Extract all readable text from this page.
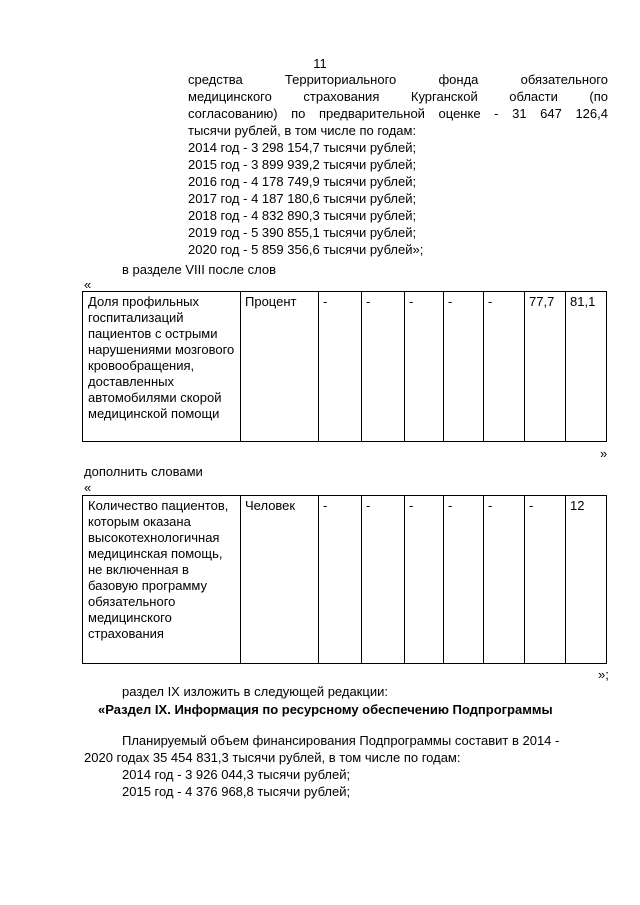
11
средства Территориального фонда обязательного
медицинского страхования Курганской области (по
согласованию) по предварительной оценке - 31 647 126,4
тысячи рублей, в том числе по годам:
2014 год - 3 298 154,7 тысячи рублей;
2015 год - 3 899 939,2 тысячи рублей;
2016 год - 4 178 749,9 тысячи рублей;
2017 год - 4 187 180,6 тысячи рублей;
2018 год - 4 832 890,3 тысячи рублей;
2019 год - 5 390 855,1 тысячи рублей;
2020 год - 5 859 356,6 тысячи рублей»;
в разделе VIII после слов
«
Доля профильных госпитализаций пациентов с острыми нарушениями мозгового кровообращения, доставленных автомобилями скорой медицинской помощи	Процент	-	-	-	-	-	77,7	81,1
»
дополнить словами
«
Количество пациентов, которым оказана высокотехнологичная медицинская помощь, не включенная в базовую программу обязательного медицинского страхования	Человек	-	-	-	-	-	-	12
»;
раздел IX изложить в следующей редакции:
«Раздел IX. Информация по ресурсному обеспечению Подпрограммы
Планируемый объем финансирования Подпрограммы составит в 2014 -
2020 годах 35 454 831,3 тысячи рублей, в том числе по годам:
2014 год - 3 926 044,3 тысячи рублей;
2015 год - 4 376 968,8 тысячи рублей;
